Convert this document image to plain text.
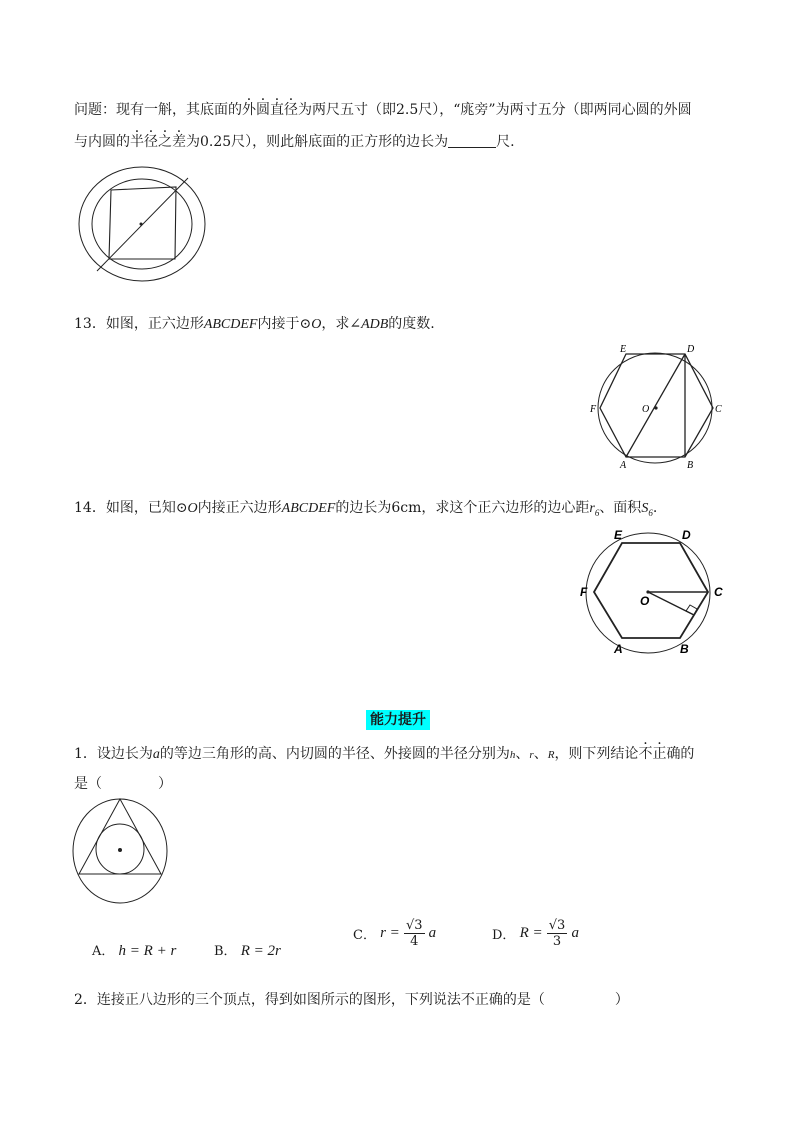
问题：现有一斛，其底面的外圆直径为两尺五寸（即2.5尺），“庣旁”为两寸五分（即两同心圆的外圆
与内圆的半径之差为0.25尺），则此斛底面的正方形的边长为	尺.
13．如图，正六边形ABCDEF内接于⊙O，求∠ADB的度数.
A	B
C
D
E
F	O
14．如图，已知⊙O内接正六边形ABCDEF的边长为6cm，求这个正六边形的边心距$r_6$、面积$S_6$.
A	B
C
D
E
F
O
能力提升
1．设边长为a的等边三角形的高、内切圆的半径、外接圆的半径分别为h、r、R，则下列结论不正确的
是（　　　　）
A． h = R + r	B． R = 2r
C． $r = \frac{√3}{4}$ a	D． $R = \frac{√3}{3}$ a
2．连接正八边形的三个顶点，得到如图所示的图形，下列说法不正确的是（　　　　　）
